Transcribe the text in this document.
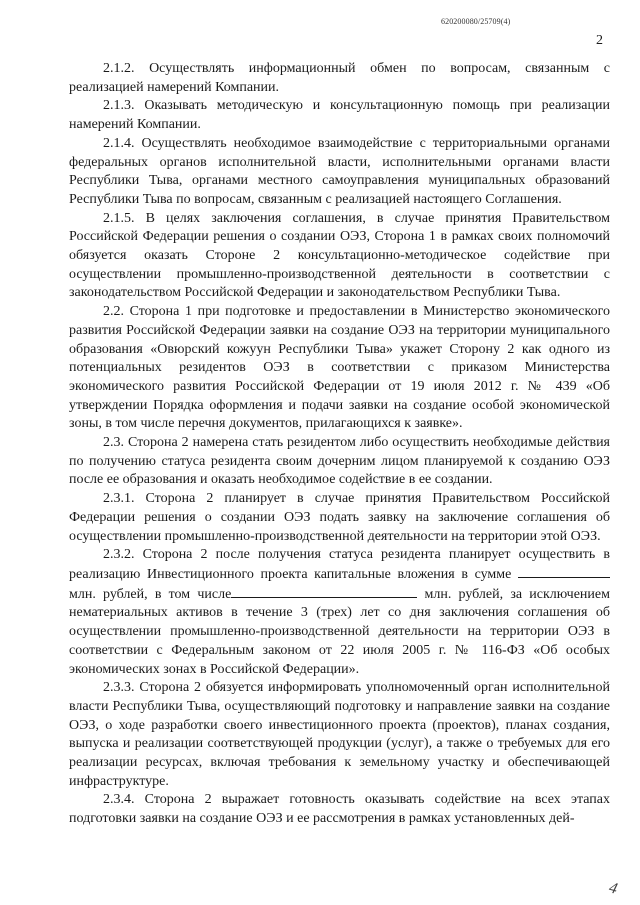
620200080/25709(4)
2

2.1.2. Осуществлять информационный обмен по вопросам, связанным с реализацией намерений Компании.

2.1.3. Оказывать методическую и консультационную помощь при реализации намерений Компании.

2.1.4. Осуществлять необходимое взаимодействие с территориальными органами федеральных органов исполнительной власти, исполнительными органами власти Республики Тыва, органами местного самоуправления муниципальных образований Республики Тыва по вопросам, связанным с реализацией настоящего Соглашения.

2.1.5. В целях заключения соглашения, в случае принятия Правительством Российской Федерации решения о создании ОЭЗ, Сторона 1 в рамках своих полномочий обязуется оказать Стороне 2 консультационно-методическое содействие при осуществлении промышленно-производственной деятельности в соответствии с законодательством Российской Федерации и законодательством Республики Тыва.

2.2. Сторона 1 при подготовке и предоставлении в Министерство экономического развития Российской Федерации заявки на создание ОЭЗ на территории муниципального образования «Овюрский кожуун Республики Тыва» укажет Сторону 2 как одного из потенциальных резидентов ОЭЗ в соответствии с приказом Министерства экономического развития Российской Федерации от 19 июля 2012 г. № 439 «Об утверждении Порядка оформления и подачи заявки на создание особой экономической зоны, в том числе перечня документов, прилагающихся к заявке».

2.3. Сторона 2 намерена стать резидентом либо осуществить необходимые действия по получению статуса резидента своим дочерним лицом планируемой к созданию ОЭЗ после ее образования и оказать необходимое содействие в ее создании.

2.3.1. Сторона 2 планирует в случае принятия Правительством Российской Федерации решения о создании ОЭЗ подать заявку на заключение соглашения об осуществлении промышленно-производственной деятельности на территории этой ОЭЗ.

2.3.2. Сторона 2 после получения статуса резидента планирует осуществить в реализацию Инвестиционного проекта капитальные вложения в сумме  млн. рублей, в том числе	млн. рублей, за исключением нематериальных активов в течение 3 (трех) лет со дня заключения соглашения об осуществлении промышленно-производственной деятельности на территории ОЭЗ в соответствии с Федеральным законом от 22 июля 2005 г. № 116-ФЗ «Об особых экономических зонах в Российской Федерации».

2.3.3. Сторона 2 обязуется информировать уполномоченный орган исполнительной власти Республики Тыва, осуществляющий подготовку и направление заявки на создание ОЭЗ, о ходе разработки своего инвестиционного проекта (проектов), планах создания, выпуска и реализации соответствующей продукции (услуг), а также о требуемых для его реализации ресурсах, включая требования к земельному участку и обеспечивающей инфраструктуре.

2.3.4. Сторона 2 выражает готовность оказывать содействие на всех этапах подготовки заявки на создание ОЭЗ и ее рассмотрения в рамках установленных дей-

4
